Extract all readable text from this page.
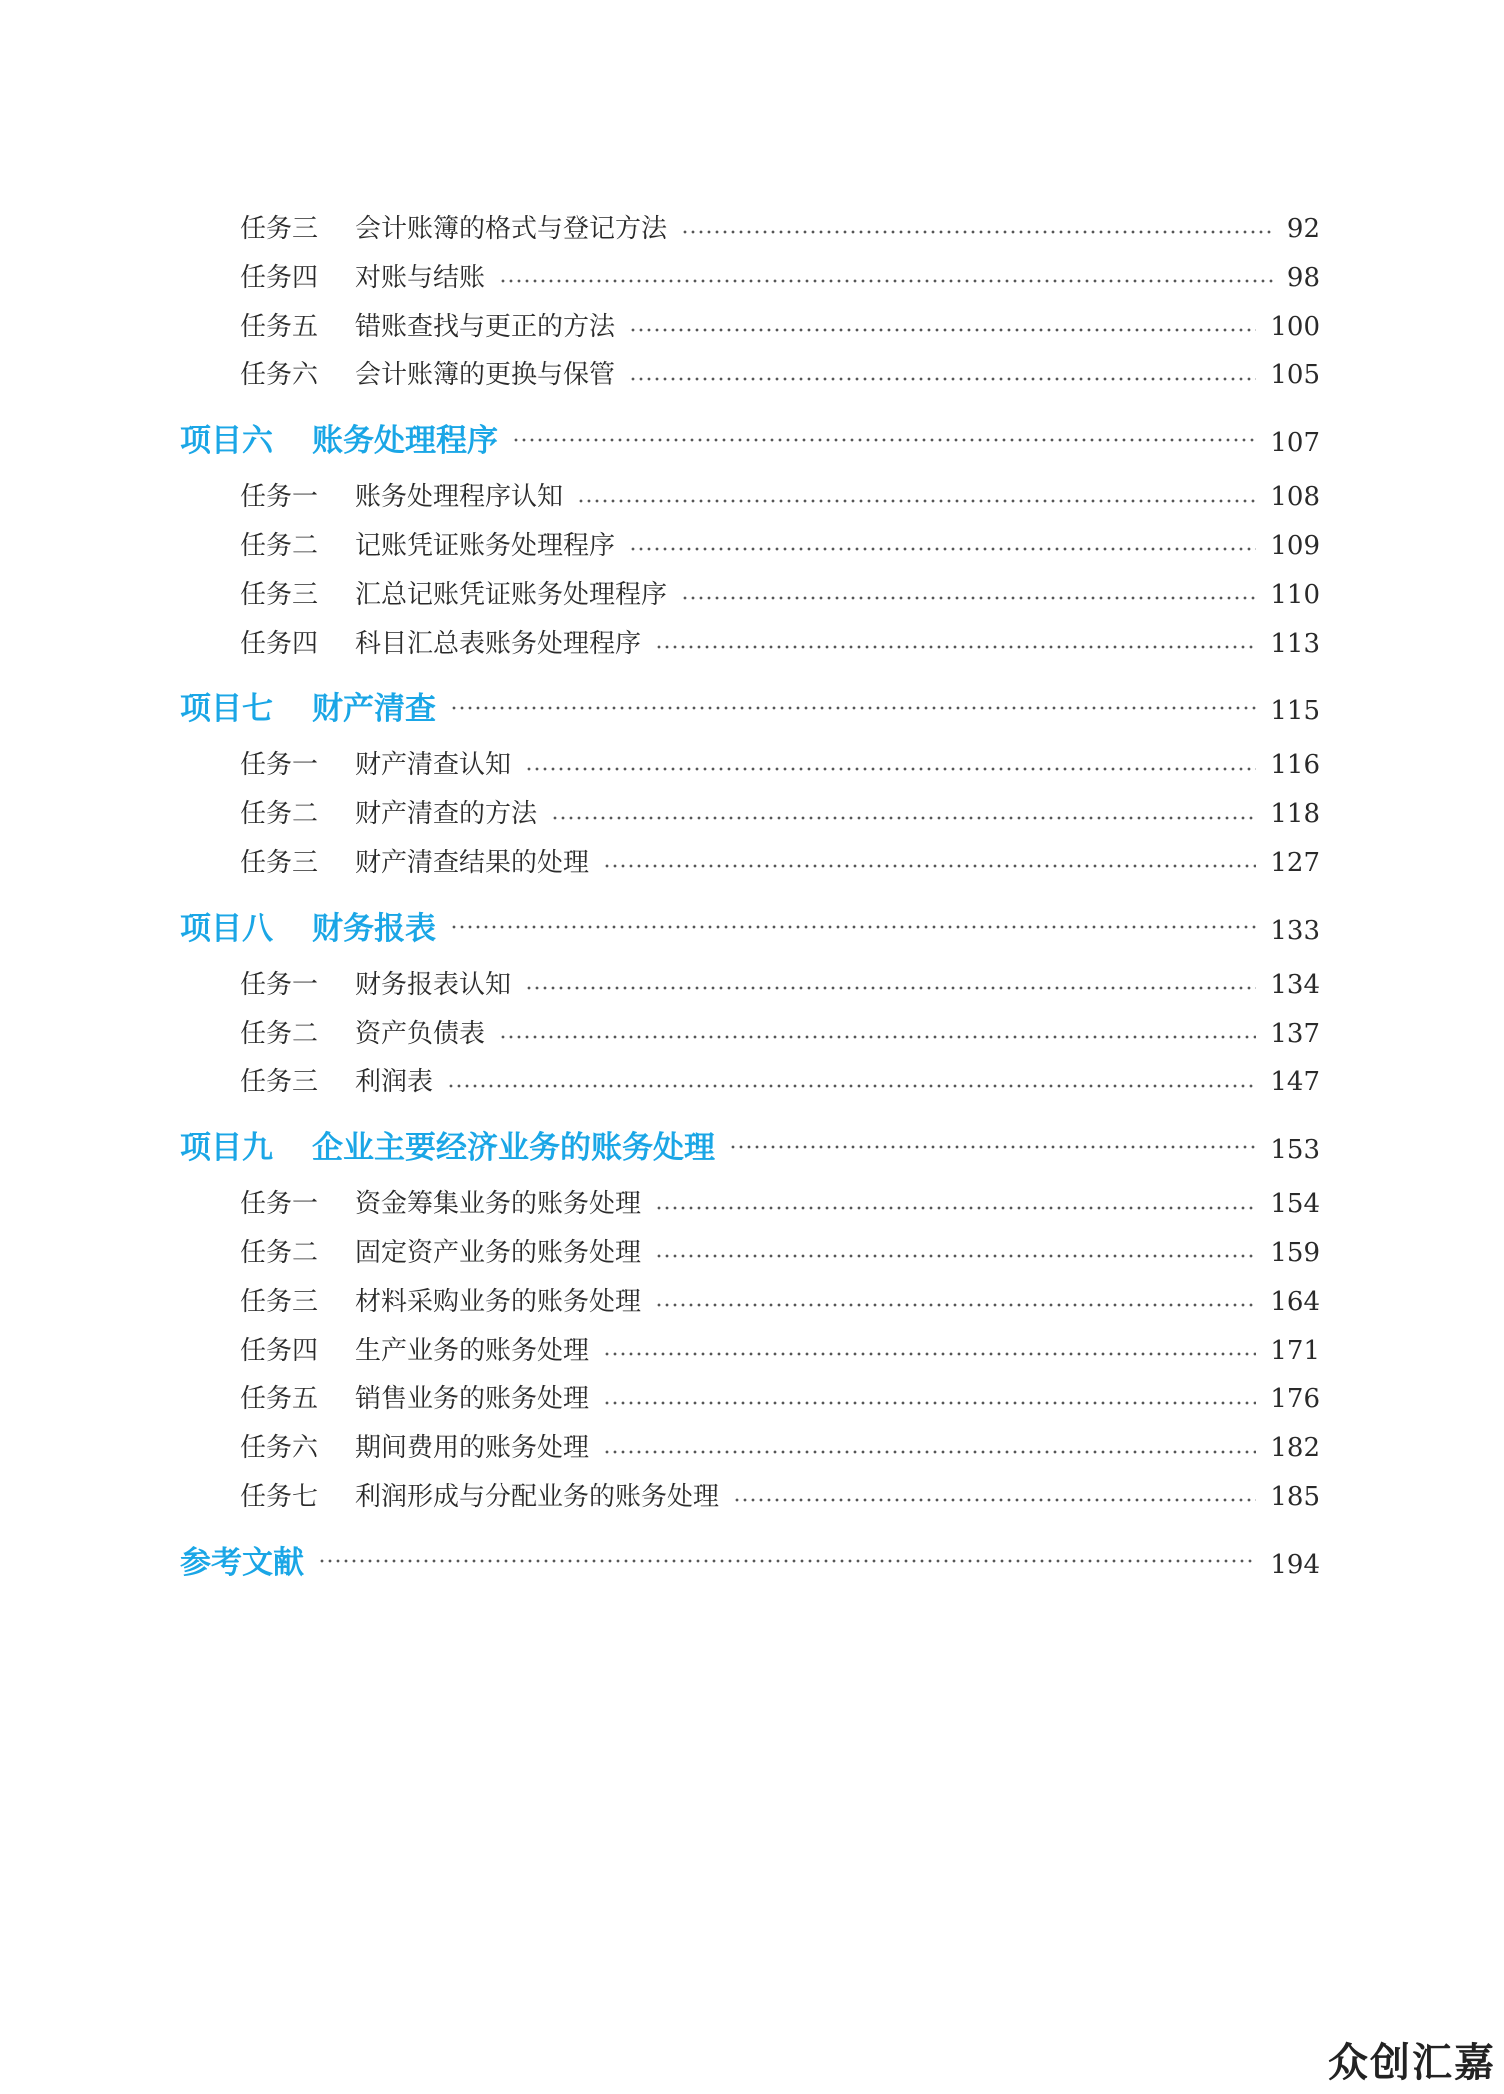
任务三	会计账簿的格式与登记方法	92
任务四	对账与结账	98
任务五	错账查找与更正的方法	100
任务六	会计账簿的更换与保管	105
项目六	账务处理程序	107
任务一	账务处理程序认知	108
任务二	记账凭证账务处理程序	109
任务三	汇总记账凭证账务处理程序	110
任务四	科目汇总表账务处理程序	113
项目七	财产清查	115
任务一	财产清查认知	116
任务二	财产清查的方法	118
任务三	财产清查结果的处理	127
项目八	财务报表	133
任务一	财务报表认知	134
任务二	资产负债表	137
任务三	利润表	147
项目九	企业主要经济业务的账务处理	153
任务一	资金筹集业务的账务处理	154
任务二	固定资产业务的账务处理	159
任务三	材料采购业务的账务处理	164
任务四	生产业务的账务处理	171
任务五	销售业务的账务处理	176
任务六	期间费用的账务处理	182
任务七	利润形成与分配业务的账务处理	185
参考文献	194
众创汇嘉
